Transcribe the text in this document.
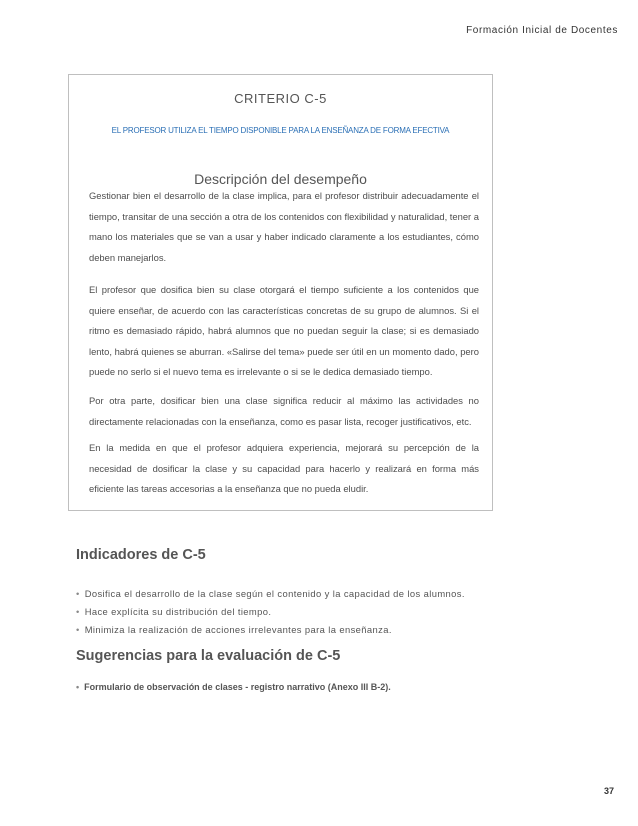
Formación Inicial de Docentes
CRITERIO C-5
EL PROFESOR UTILIZA EL TIEMPO DISPONIBLE PARA LA ENSEÑANZA DE FORMA EFECTIVA
Descripción del desempeño

Gestionar bien el desarrollo de la clase implica, para el profesor distribuir adecuadamente el tiempo, transitar de una sección a otra de los contenidos con flexibilidad y naturalidad, tener a mano los materiales que se van a usar y haber indicado claramente a los estudiantes, cómo deben manejarlos.

El profesor que dosifica bien su clase otorgará el tiempo suficiente a los contenidos que quiere enseñar, de acuerdo con las características concretas de su grupo de alumnos. Si el ritmo es demasiado rápido, habrá alumnos que no puedan seguir la clase; si es demasiado lento, habrá quienes se aburran. «Salirse del tema» puede ser útil en un momento dado, pero puede no serlo si el nuevo tema es irrelevante o si se le dedica demasiado tiempo.

Por otra parte, dosificar bien una clase significa reducir al máximo las actividades no directamente relacionadas con la enseñanza, como es pasar lista, recoger justificativos, etc.

En la medida en que el profesor adquiera experiencia, mejorará su percepción de la necesidad de dosificar la clase y su capacidad para hacerlo y realizará en forma más eficiente las tareas accesorias a la enseñanza que no pueda eludir.

Indicadores de C-5
• Dosifica el desarrollo de la clase según el contenido y la capacidad de los alumnos.
• Hace explícita su distribución del tiempo.
• Minimiza la realización de acciones irrelevantes para la enseñanza.
Sugerencias para la evaluación de C-5
• Formulario de observación de clases - registro narrativo (Anexo III B-2).
37
